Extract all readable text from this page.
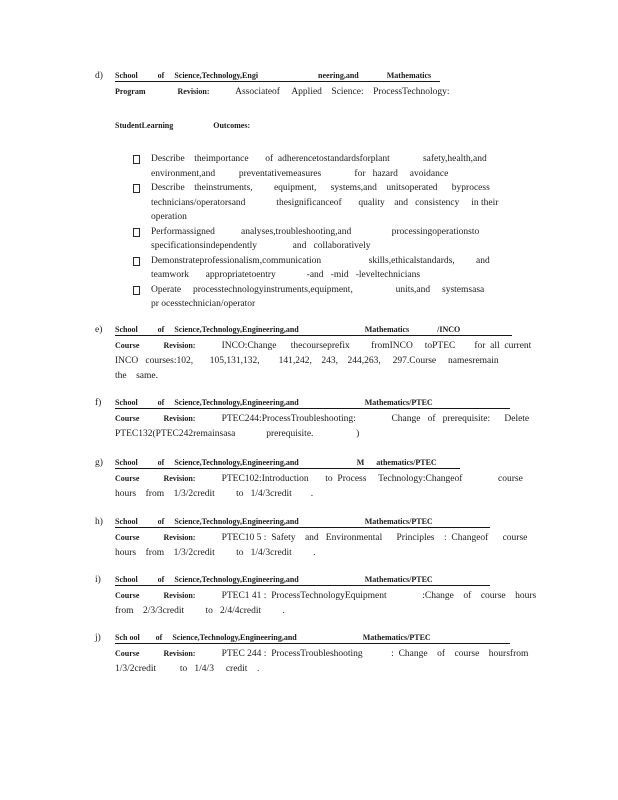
d)	School          of     Science,Technology,Engi                              neering,and              Mathematics
Program                Revision:           Associateof     Applied    Science:    ProcessTechnology:
StudentLearning                    Outcomes:
Describe    theimportance       of  adherencetostandardsforplant              safety,health,and
environment,and          preventativemeasures              for   hazard     avoidance
Describe    theinstruments,         equipment,      systems,and    unitsoperated      byprocess
technicians/operatorsand             thesignificanceof       quality    and   consistency     in their
operation
Performassigned           analyses,troubleshooting,and                 processingoperationsto
specificationsindependently               and   collaboratively
Demonstrateprofessionalism,communication                    skills,ethicalstandards,         and
teamwork       appropriatetoentry             -and   -mid   -leveltechnicians
Operate     processtechnologyinstruments,equipment,                  units,and     systemsasa
pr ocesstechnician/operator
e)	School          of     Science,Technology,Engineering,and                                 Mathematics              /INCO
Course            Revision:           INCO:Change      thecourseprefix         fromINCO     toPTEC        for  all  current
INCO   courses:102,       105,131,132,        141,242,    243,    244,263,     297.Course     namesremain
the    same.
f)	School          of     Science,Technology,Engineering,and                                 Mathematics/PTEC
Course            Revision:           PTEC244:ProcessTroubleshooting:               Change   of   prerequisite:      Delete
PTEC132(PTEC242remainsasa             prerequisite.                  )
g)	School          of     Science,Technology,Engineering,and                             M      athematics/PTEC
Course            Revision:           PTEC102:Introduction       to  Process     Technology:Changeof               course
hours    from    1/3/2credit         to   1/4/3credit        .
h)	School          of     Science,Technology,Engineering,and                                 Mathematics/PTEC
Course            Revision:           PTEC10 5 :  Safety    and   Environmental      Principles    :  Changeof      course
hours    from    1/3/2credit         to   1/4/3credit         .
i)	School          of     Science,Technology,Engineering,and                                 Mathematics/PTEC
Course            Revision:           PTEC1 41 :  ProcessTechnologyEquipment               :Change    of    course    hours
from    2/3/3credit         to   2/4/4credit         .
j)	Sch ool        of     Science,Technology,Engineering,and                                 Mathematics/PTEC
Course            Revision:           PTEC 244 :  ProcessTroubleshooting            :  Change    of    course    hoursfrom
1/3/2credit          to   1/4/3     credit    .
